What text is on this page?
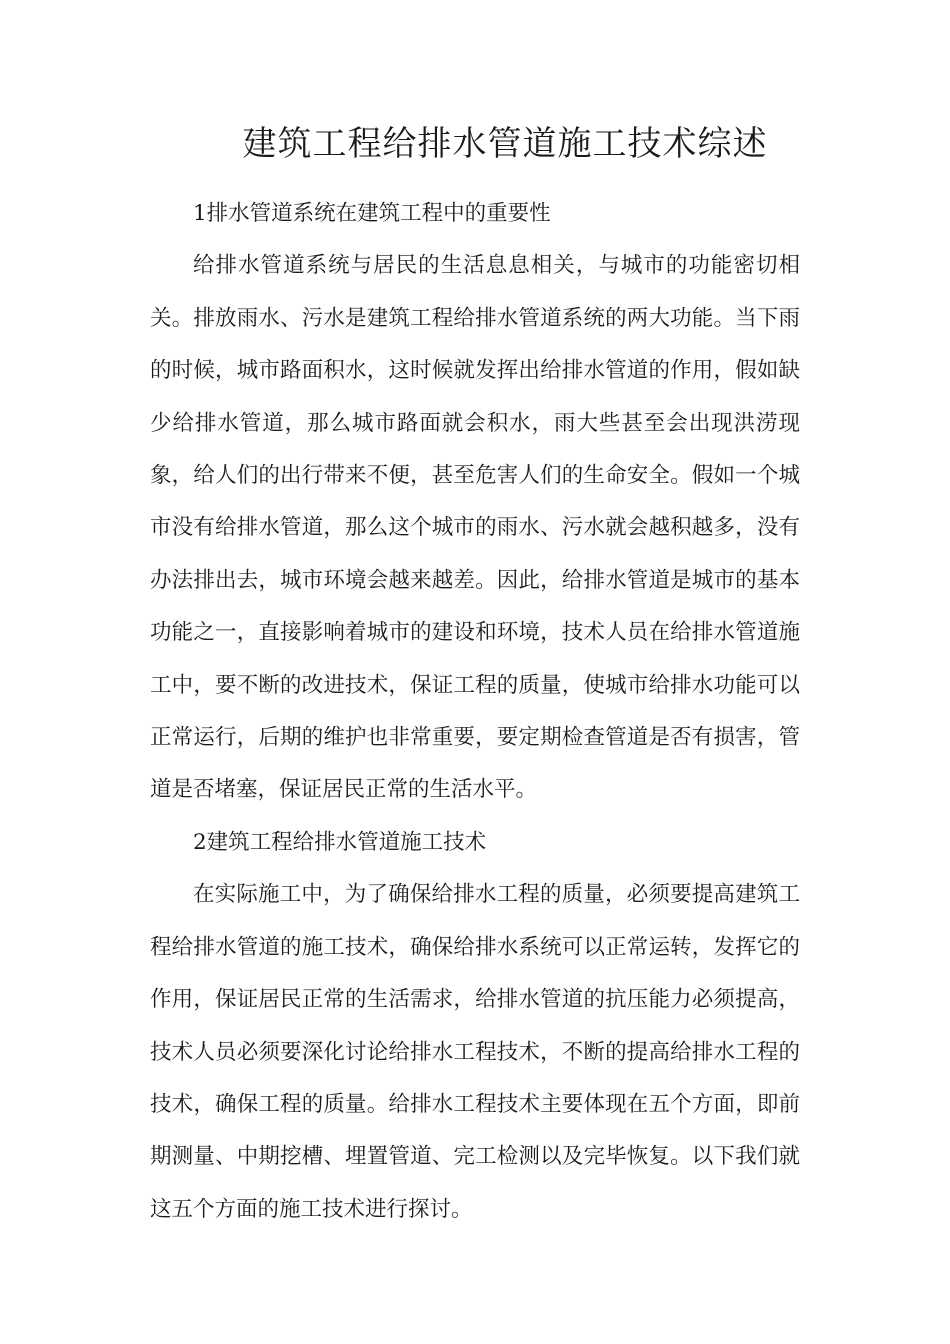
建筑工程给排水管道施工技术综述
1排水管道系统在建筑工程中的重要性

给排水管道系统与居民的生活息息相关，与城市的功能密切相关。排放雨水、污水是建筑工程给排水管道系统的两大功能。当下雨的时候，城市路面积水，这时候就发挥出给排水管道的作用，假如缺少给排水管道，那么城市路面就会积水，雨大些甚至会出现洪涝现象，给人们的出行带来不便，甚至危害人们的生命安全。假如一个城市没有给排水管道，那么这个城市的雨水、污水就会越积越多，没有办法排出去，城市环境会越来越差。因此，给排水管道是城市的基本功能之一，直接影响着城市的建设和环境，技术人员在给排水管道施工中，要不断的改进技术，保证工程的质量，使城市给排水功能可以正常运行，后期的维护也非常重要，要定期检查管道是否有损害，管道是否堵塞，保证居民正常的生活水平。

2建筑工程给排水管道施工技术

在实际施工中，为了确保给排水工程的质量，必须要提高建筑工程给排水管道的施工技术，确保给排水系统可以正常运转，发挥它的作用，保证居民正常的生活需求，给排水管道的抗压能力必须提高，技术人员必须要深化讨论给排水工程技术，不断的提高给排水工程的技术，确保工程的质量。给排水工程技术主要体现在五个方面，即前期测量、中期挖槽、埋置管道、完工检测以及完毕恢复。以下我们就这五个方面的施工技术进行探讨。
